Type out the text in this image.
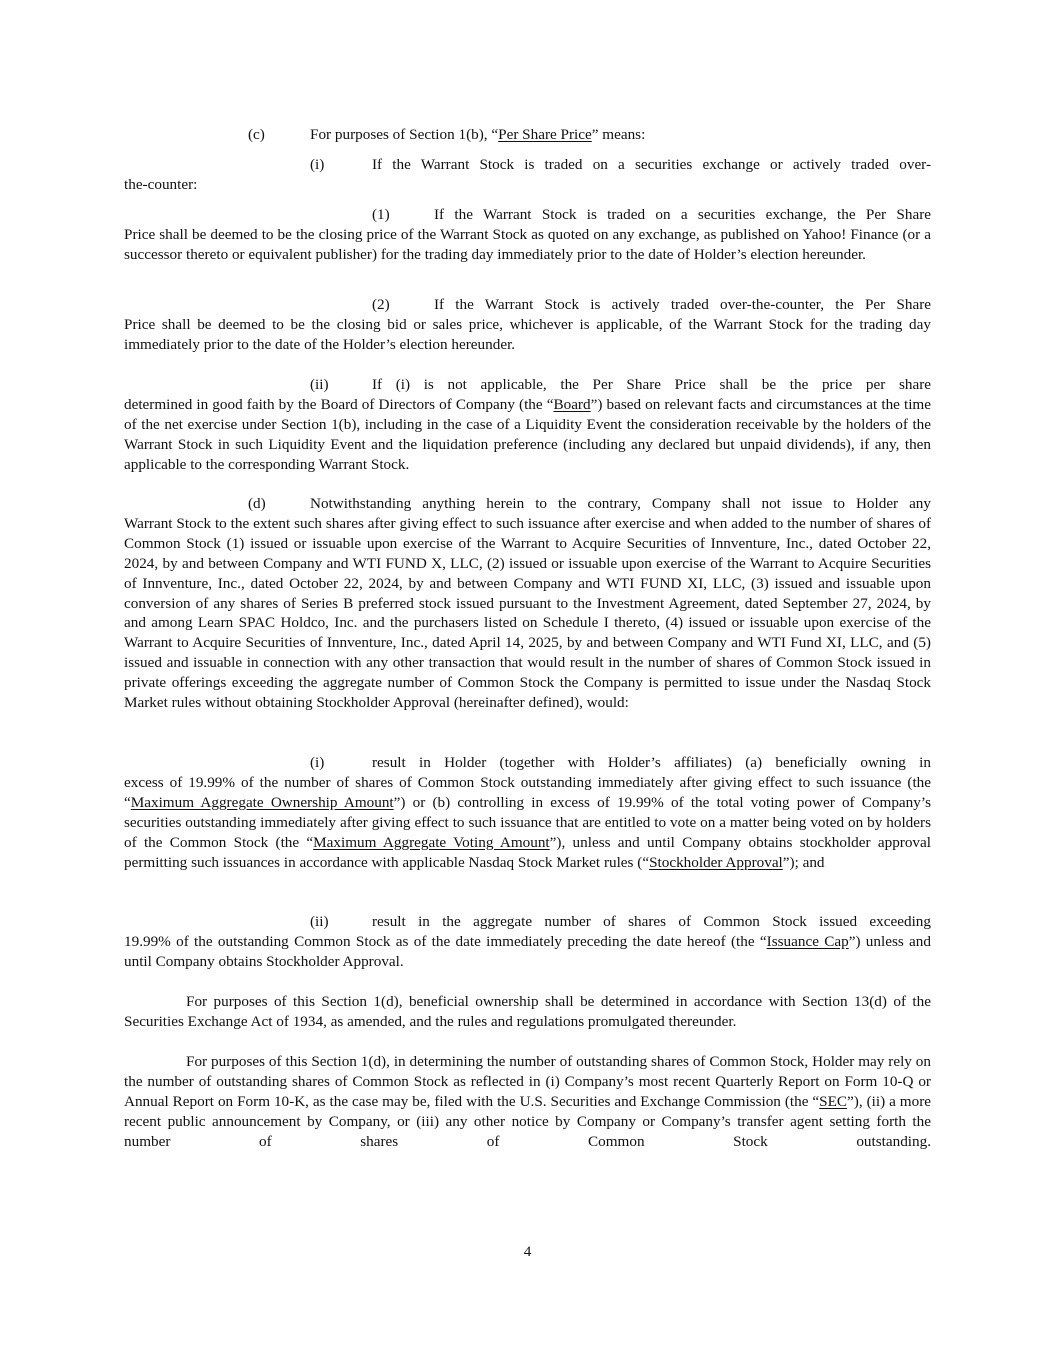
(c)	For purposes of Section 1(b), “Per Share Price” means:
(i)	If the Warrant Stock is traded on a securities exchange or actively traded over-
the-counter:
(1)	If the Warrant Stock is traded on a securities exchange, the Per Share
Price shall be deemed to be the closing price of the Warrant Stock as quoted on any exchange, as published on Yahoo! Finance (or a successor thereto or equivalent publisher) for the trading day immediately prior to the date of Holder’s election hereunder.
(2)	If the Warrant Stock is actively traded over-the-counter, the Per Share
Price shall be deemed to be the closing bid or sales price, whichever is applicable, of the Warrant Stock for the trading day immediately prior to the date of the Holder’s election hereunder.
(ii)	If (i) is not applicable, the Per Share Price shall be the price per share
determined in good faith by the Board of Directors of Company (the “Board”) based on relevant facts and circumstances at the time of the net exercise under Section 1(b), including in the case of a Liquidity Event the consideration receivable by the holders of the Warrant Stock in such Liquidity Event and the liquidation preference (including any declared but unpaid dividends), if any, then applicable to the corresponding Warrant Stock.
(d)	Notwithstanding anything herein to the contrary, Company shall not issue to Holder any
Warrant Stock to the extent such shares after giving effect to such issuance after exercise and when added to the number of shares of Common Stock (1) issued or issuable upon exercise of the Warrant to Acquire Securities of Innventure, Inc., dated October 22, 2024, by and between Company and WTI FUND X, LLC, (2) issued or issuable upon exercise of the Warrant to Acquire Securities of Innventure, Inc., dated October 22, 2024, by and between Company and WTI FUND XI, LLC, (3) issued and issuable upon conversion of any shares of Series B preferred stock issued pursuant to the Investment Agreement, dated September 27, 2024, by and among Learn SPAC Holdco, Inc. and the purchasers listed on Schedule I thereto, (4) issued or issuable upon exercise of the Warrant to Acquire Securities of Innventure, Inc., dated April 14, 2025, by and between Company and WTI Fund XI, LLC, and (5) issued and issuable in connection with any other transaction that would result in the number of shares of Common Stock issued in private offerings exceeding the aggregate number of Common Stock the Company is permitted to issue under the Nasdaq Stock Market rules without obtaining Stockholder Approval (hereinafter defined), would:
(i)	result in Holder (together with Holder’s affiliates) (a) beneficially owning in
excess of 19.99% of the number of shares of Common Stock outstanding immediately after giving effect to such issuance (the “Maximum Aggregate Ownership Amount”) or (b) controlling in excess of 19.99% of the total voting power of Company’s securities outstanding immediately after giving effect to such issuance that are entitled to vote on a matter being voted on by holders of the Common Stock (the “Maximum Aggregate Voting Amount”), unless and until Company obtains stockholder approval permitting such issuances in accordance with applicable Nasdaq Stock Market rules (“Stockholder Approval”); and
(ii)	result in the aggregate number of shares of Common Stock issued exceeding
19.99% of the outstanding Common Stock as of the date immediately preceding the date hereof (the “Issuance Cap”) unless and until Company obtains Stockholder Approval.

For purposes of this Section 1(d), beneficial ownership shall be determined in accordance with Section 13(d) of the Securities Exchange Act of 1934, as amended, and the rules and regulations promulgated thereunder.

For purposes of this Section 1(d), in determining the number of outstanding shares of Common Stock, Holder may rely on the number of outstanding shares of Common Stock as reflected in (i) Company’s most recent Quarterly Report on Form 10-Q or Annual Report on Form 10-K, as the case may be, filed with the U.S. Securities and Exchange Commission (the “SEC”), (ii) a more recent public announcement by Company, or (iii) any other notice by Company or Company’s transfer agent setting forth the number of shares of Common Stock outstanding.

4
